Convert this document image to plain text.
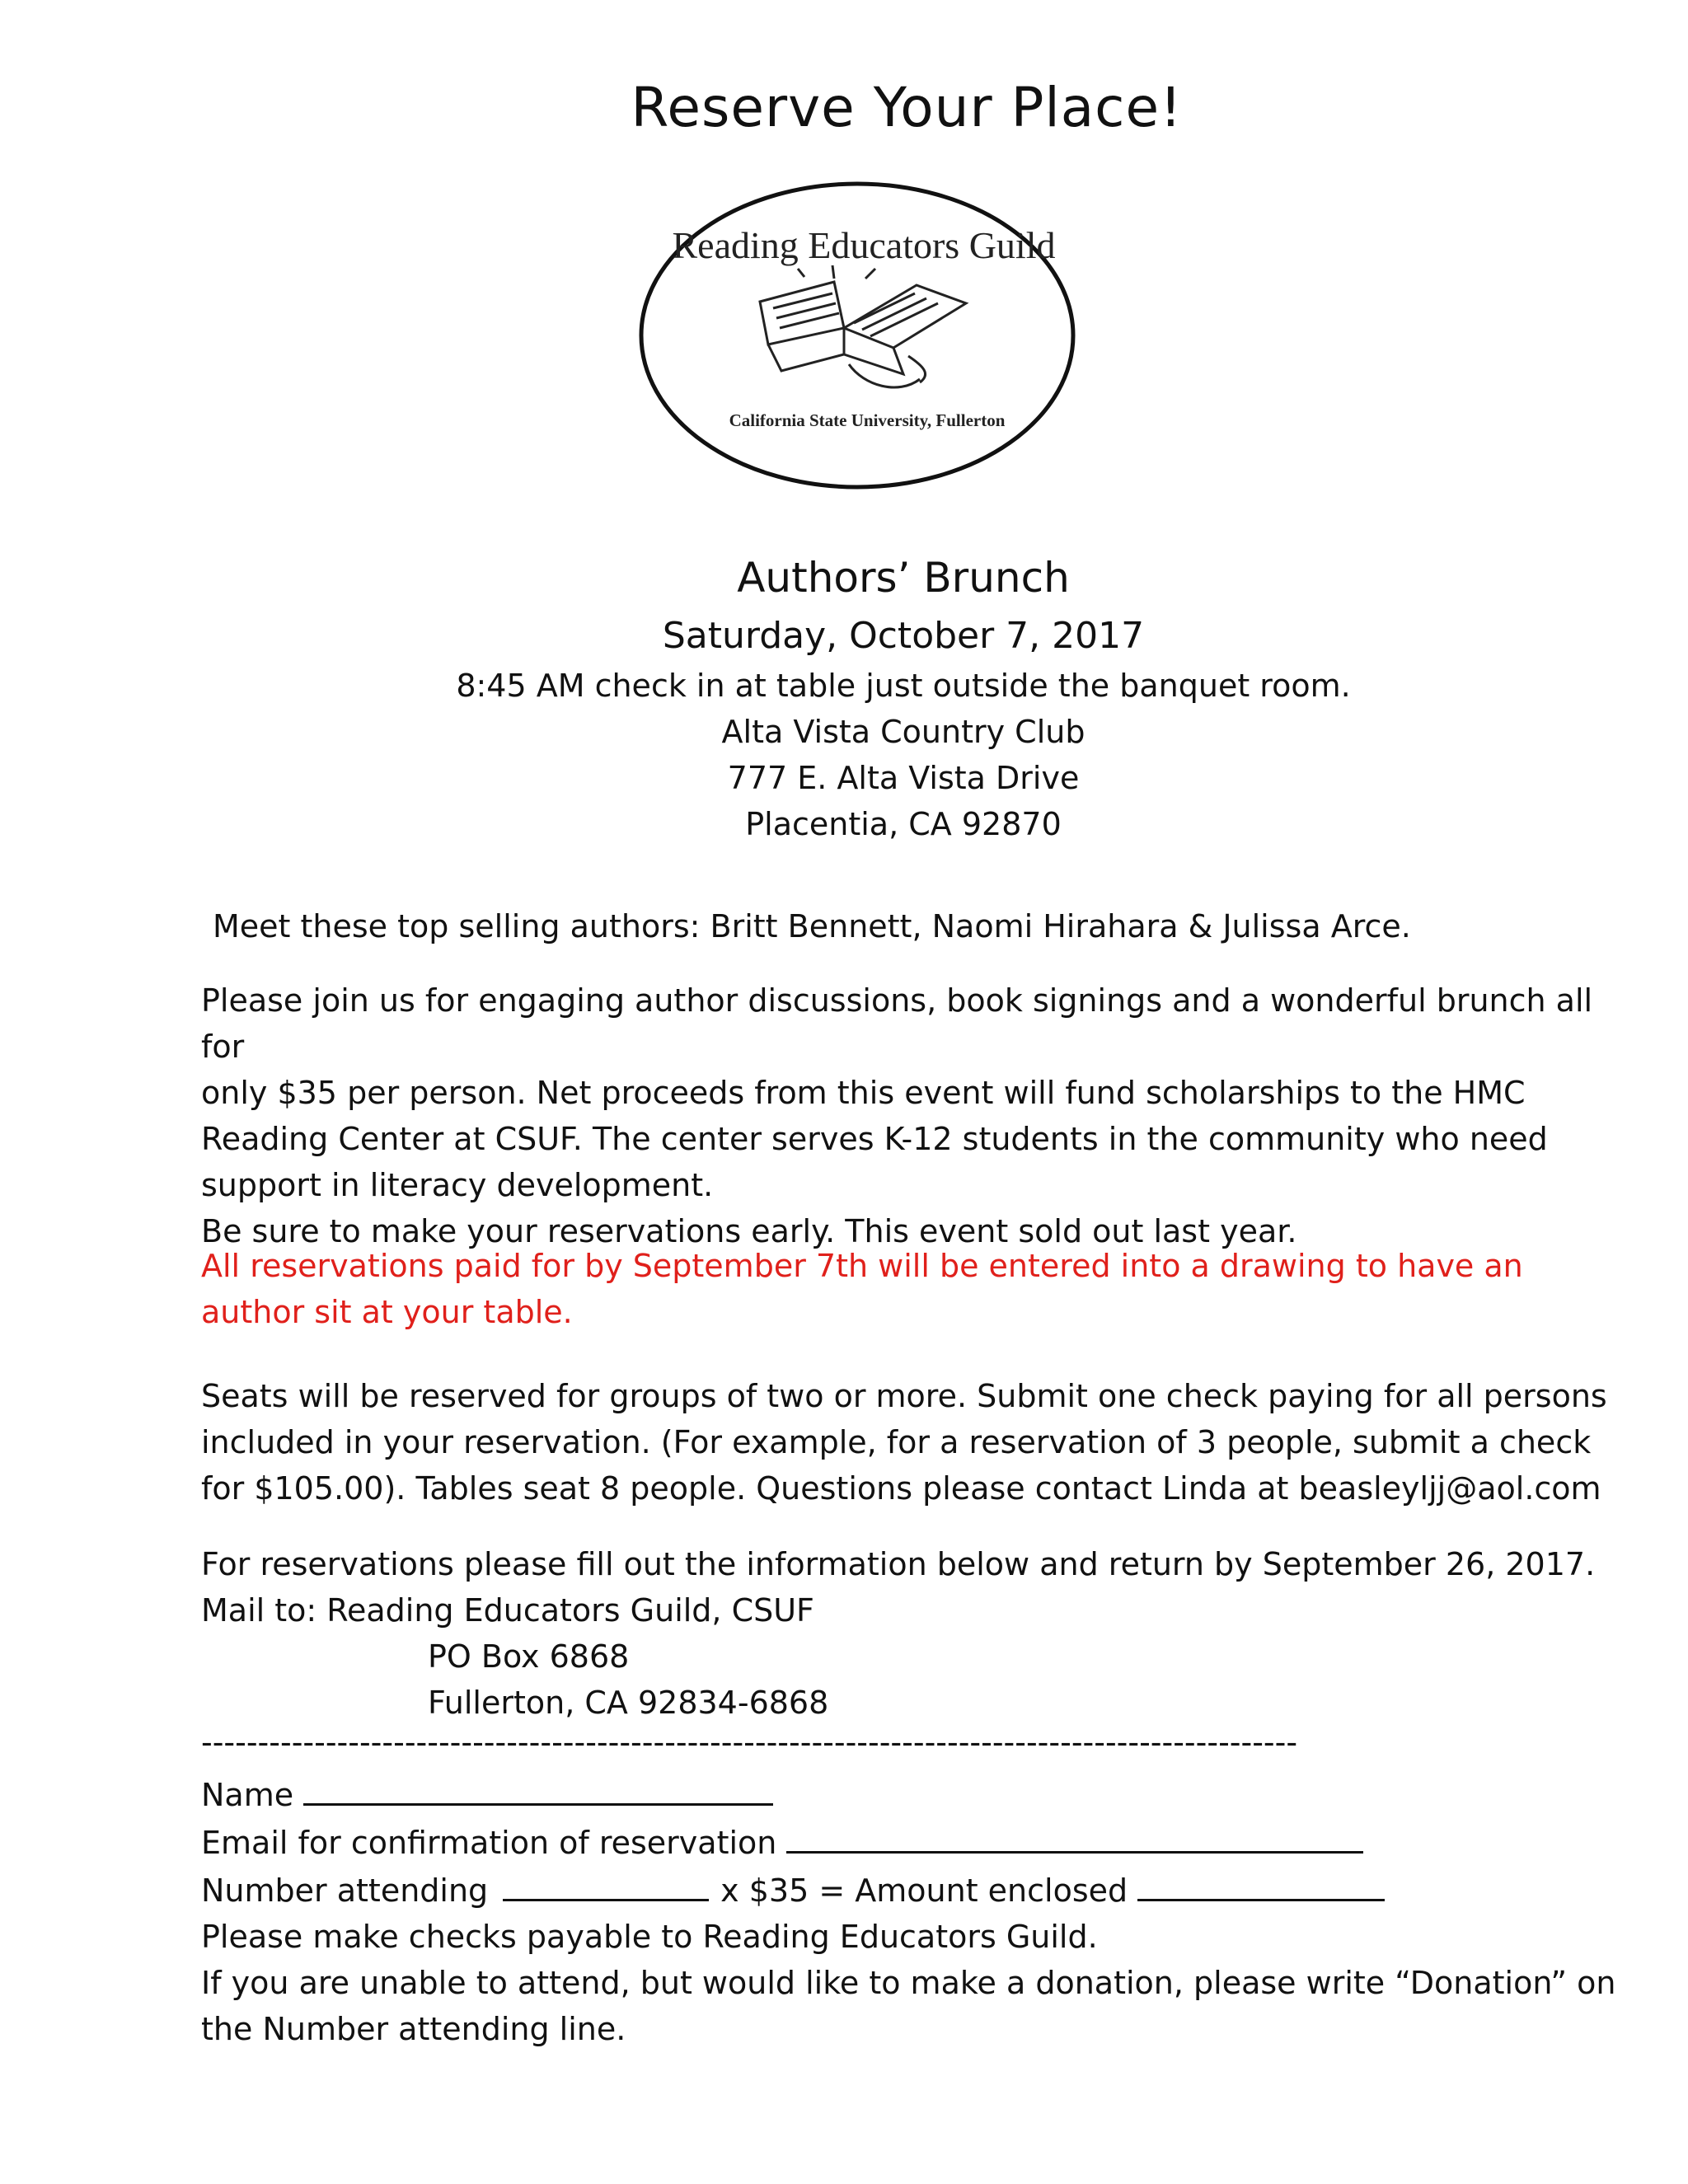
Reserve Your Place!
Reading Educators Guild
California State University, Fullerton
Authors’ Brunch
Saturday, October 7, 2017
8:45 AM check in at table just outside the banquet room.
Alta Vista Country Club
777 E. Alta Vista Drive
Placentia, CA 92870
Meet these top selling authors: Britt Bennett, Naomi Hirahara & Julissa Arce.
Please join us for engaging author discussions, book signings and a wonderful brunch all for
only $35 per person. Net proceeds from this event will fund scholarships to the HMC
Reading Center at CSUF. The center serves K-12 students in the community who need
support in literacy development.
Be sure to make your reservations early. This event sold out last year.
All reservations paid for by September 7th will be entered into a drawing to have an
author sit at your table.
Seats will be reserved for groups of two or more. Submit one check paying for all persons
included in your reservation. (For example, for a reservation of 3 people, submit a check
for $105.00). Tables seat 8 people. Questions please contact Linda at beasleyljj@aol.com
For reservations please fill out the information below and return by September 26, 2017.
Mail to: Reading Educators Guild, CSUF
PO Box 6868
Fullerton, CA 92834-6868
-------------------------------------------------------------------------------------------------
Name
Email for confirmation of reservation
Number attending	x $35 = Amount enclosed
Please make checks payable to Reading Educators Guild.
If you are unable to attend, but would like to make a donation, please write “Donation” on
the Number attending line.
